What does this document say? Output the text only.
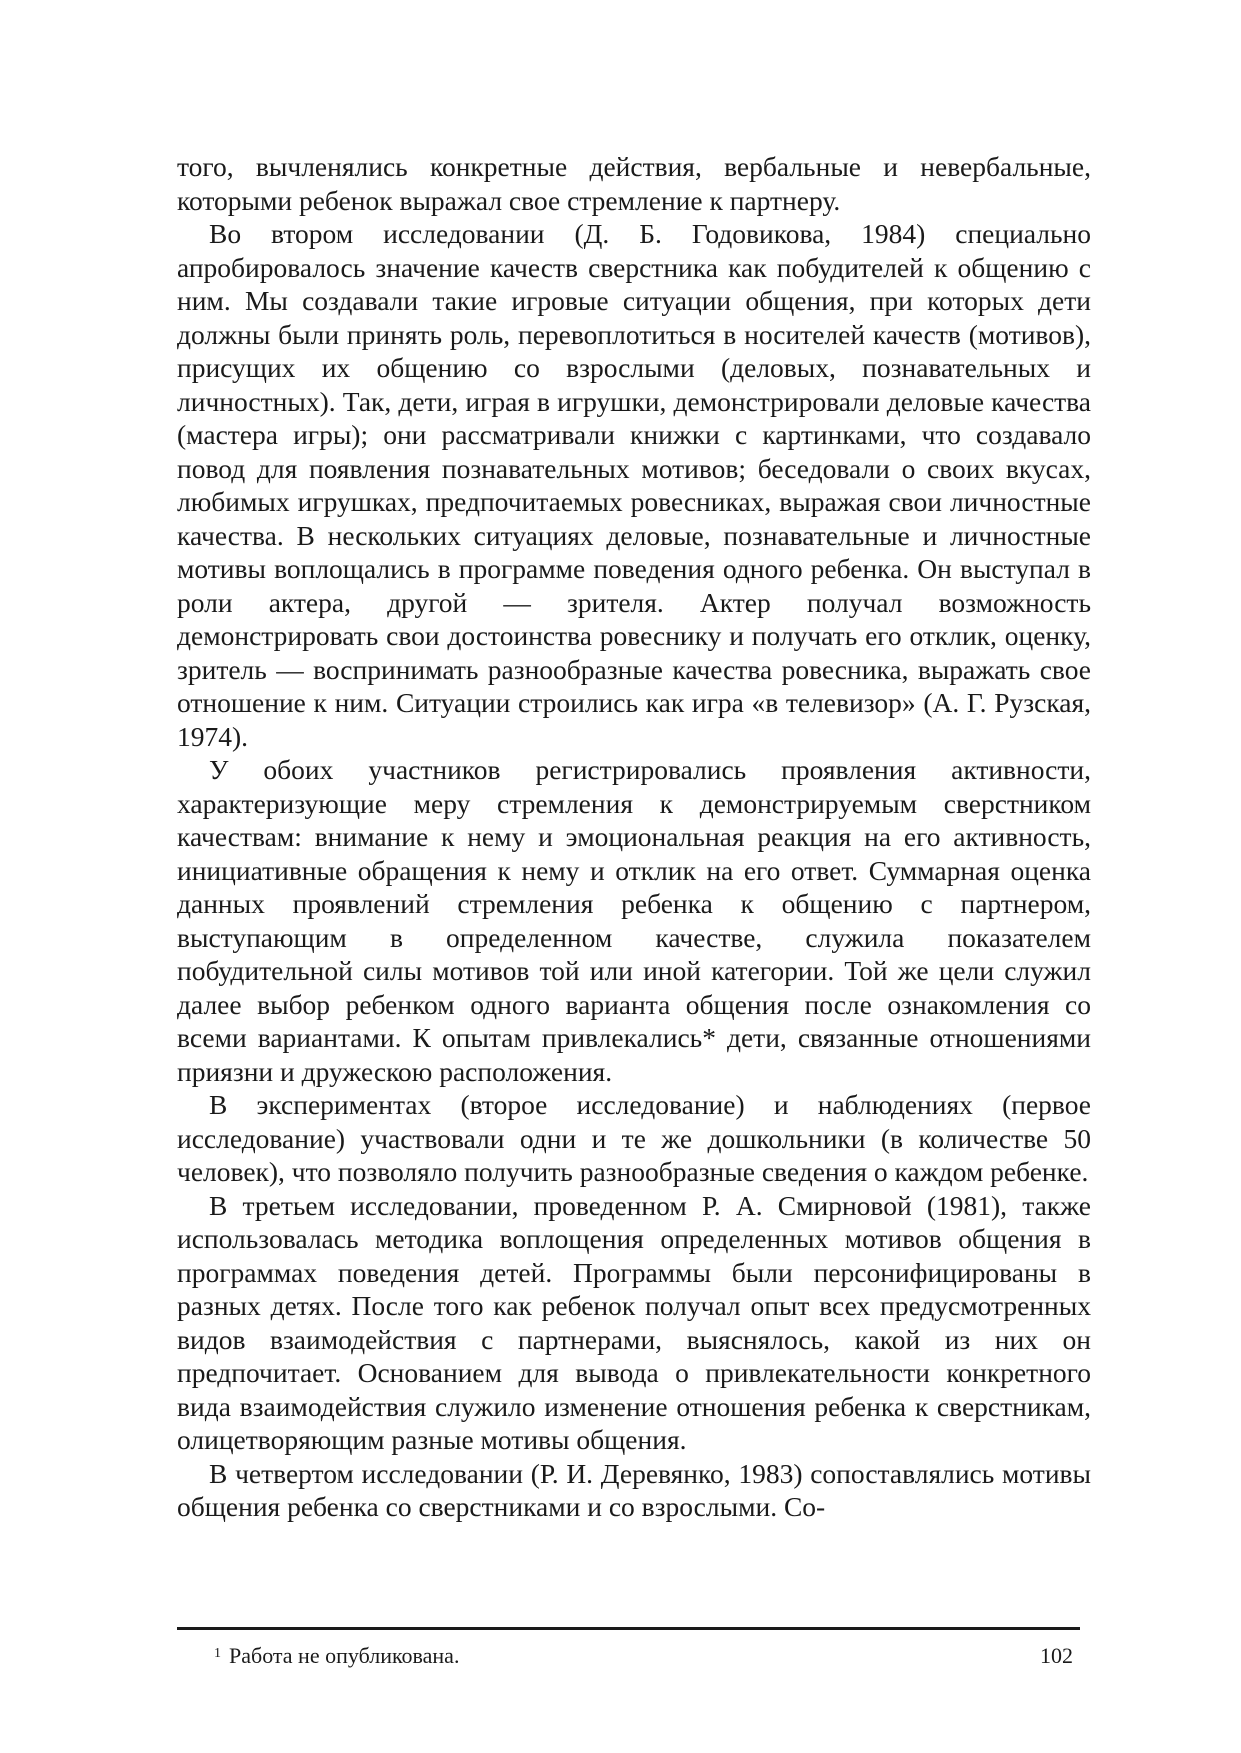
того, вычленялись конкретные действия, вербальные и невербальные, которыми ребенок выражал свое стремление к партнеру.

Во втором исследовании (Д. Б. Годовикова, 1984) специально апробировалось значение качеств сверстника как побудителей к общению с ним. Мы создавали такие игровые ситуации общения, при которых дети должны были принять роль, перевоплотиться в носителей качеств (мотивов), присущих их общению со взрослыми (деловых, познавательных и личностных). Так, дети, играя в игрушки, демонстрировали деловые качества (мастера игры); они рассматривали книжки с картинками, что создавало повод для появления познавательных мотивов; беседовали о своих вкусах, любимых игрушках, предпочитаемых ровесниках, выражая свои личностные качества. В нескольких ситуациях деловые, познавательные и личностные мотивы воплощались в программе поведения одного ребенка. Он выступал в роли актера, другой — зрителя. Актер получал возможность демонстрировать свои достоинства ровеснику и получать его отклик, оценку, зритель — воспринимать разнообразные качества ровесника, выражать свое отношение к ним. Ситуации строились как игра «в телевизор» (А. Г. Рузская, 1974).

У обоих участников регистрировались проявления активности, характеризующие меру стремления к демонстрируемым сверстником качествам: внимание к нему и эмоциональная реакция на его активность, инициативные обращения к нему и отклик на его ответ. Суммарная оценка данных проявлений стремления ребенка к общению с партнером, выступающим в определенном качестве, служила показателем побудительной силы мотивов той или иной категории. Той же цели служил далее выбор ребенком одного варианта общения после ознакомления со всеми вариантами. К опытам привлекались* дети, связанные отношениями приязни и дружескою расположения.

В экспериментах (второе исследование) и наблюдениях (первое исследование) участвовали одни и те же дошкольники (в количестве 50 человек), что позволяло получить разнообразные сведения о каждом ребенке.

В третьем исследовании, проведенном Р. А. Смирновой (1981), также использовалась методика воплощения определенных мотивов общения в программах поведения детей. Программы были персонифицированы в разных детях. После того как ребенок получал опыт всех предусмотренных видов взаимодействия с партнерами, выяснялось, какой из них он предпочитает. Основанием для вывода о привлекательности конкретного вида взаимодействия служило изменение отношения ребенка к сверстникам, олицетворяющим разные мотивы общения.

В четвертом исследовании (Р. И. Деревянко, 1983) сопоставлялись мотивы общения ребенка со сверстниками и со взрослыми. Со-

$^1$ Работа не опубликована.	102
